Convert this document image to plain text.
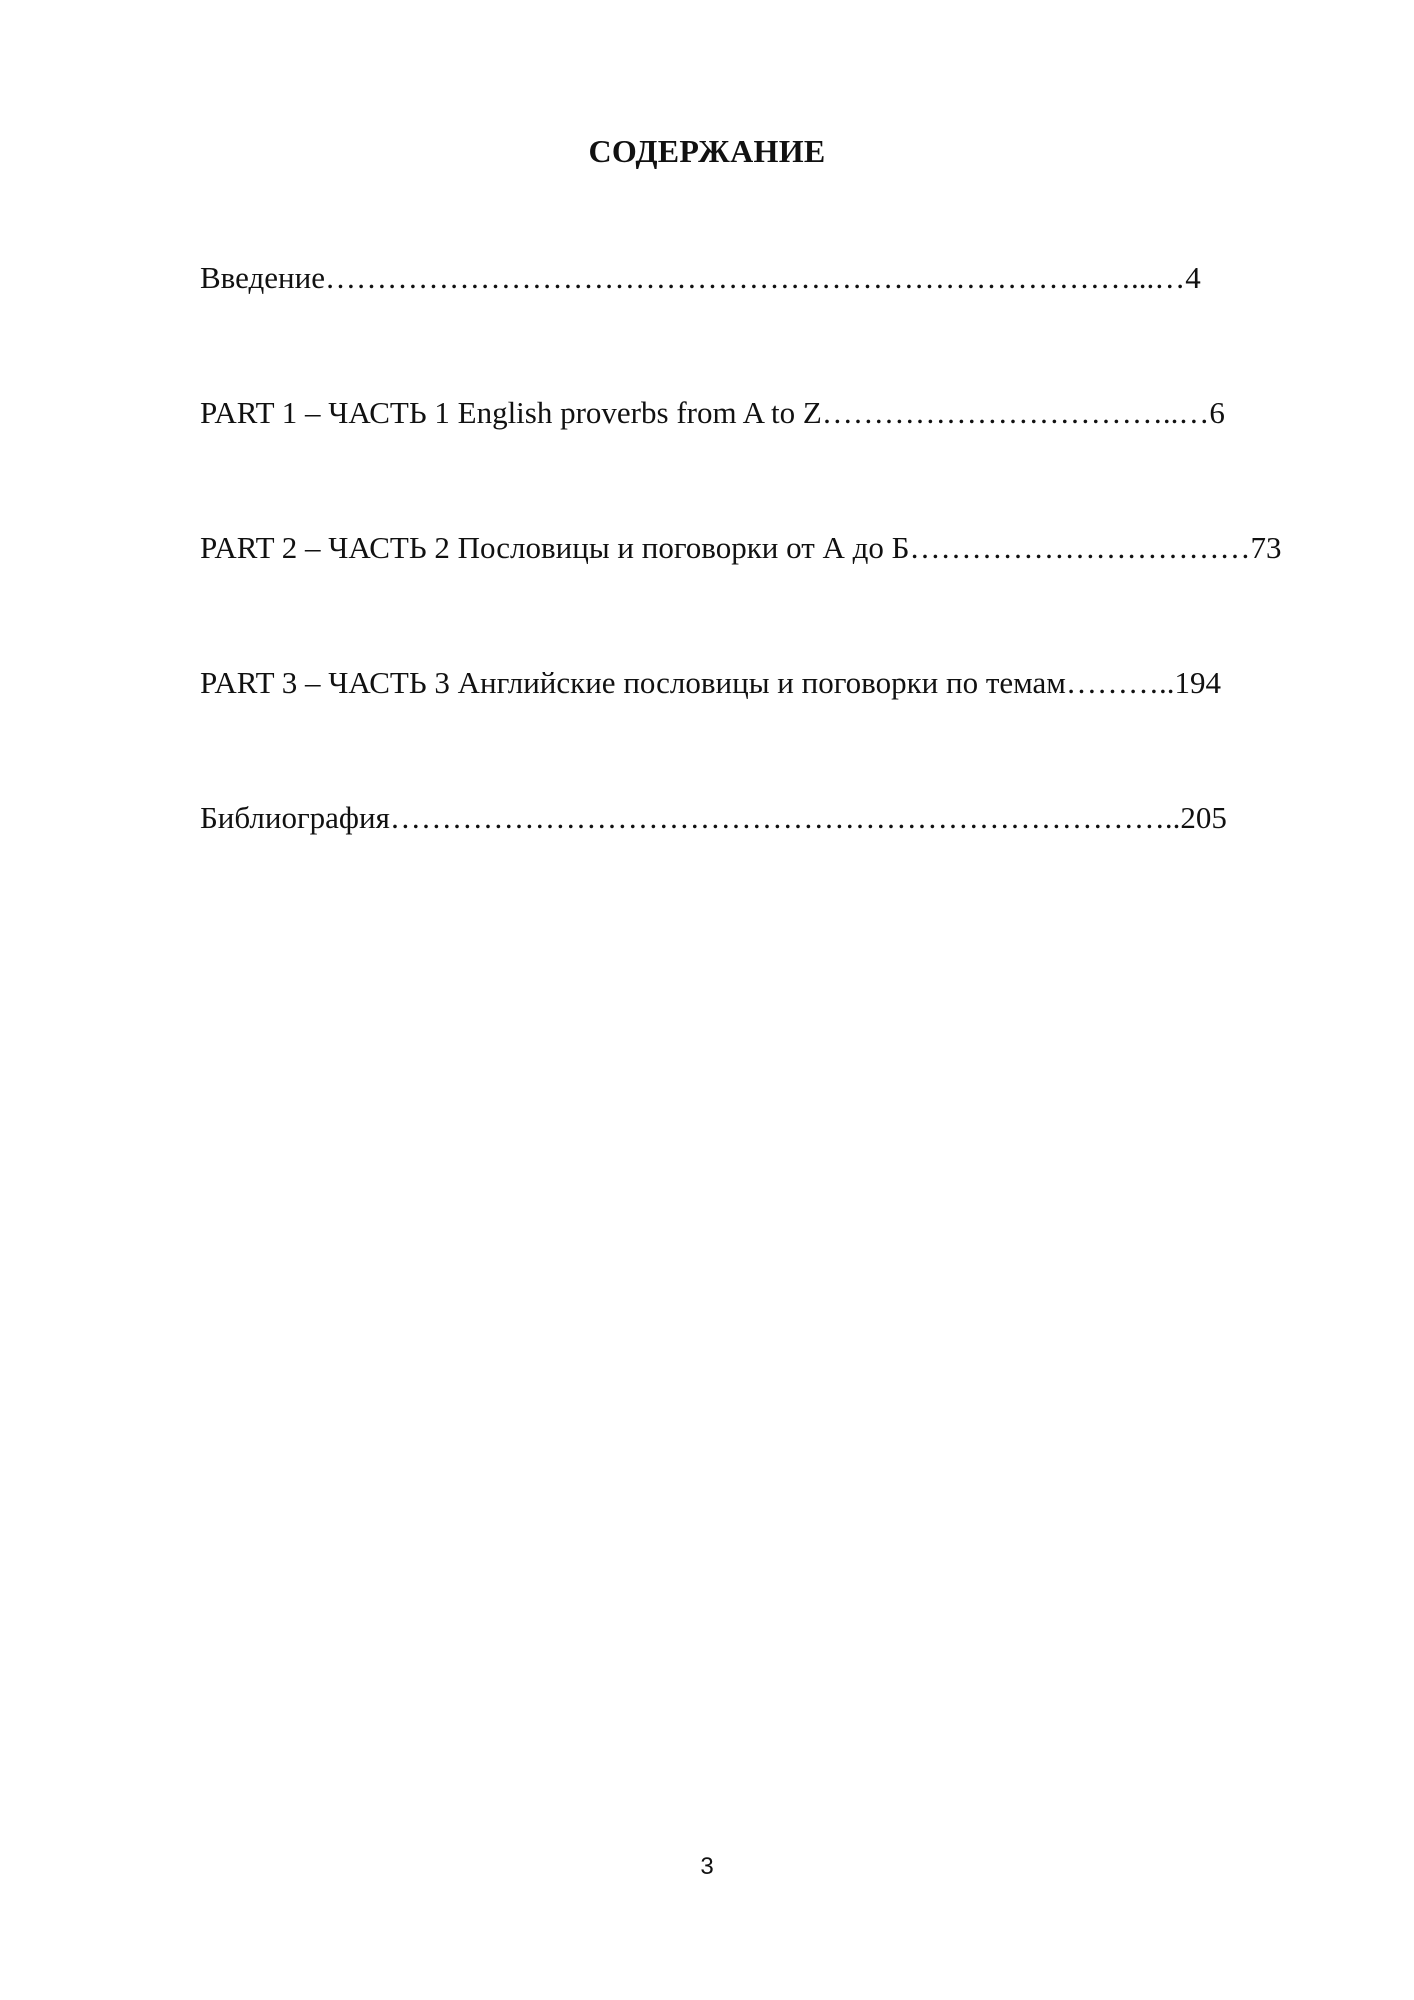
СОДЕРЖАНИЕ
Введение……………………………………………………………………...…4
PART 1 – ЧАСТЬ 1 English proverbs from A to Z……………………………..…6
PART 2 – ЧАСТЬ 2 Пословицы и поговорки от А до Б……………………………73
PART 3 – ЧАСТЬ 3 Английские пословицы и поговорки по темам………..194
Библиография…………………………………………………………………..205
3
